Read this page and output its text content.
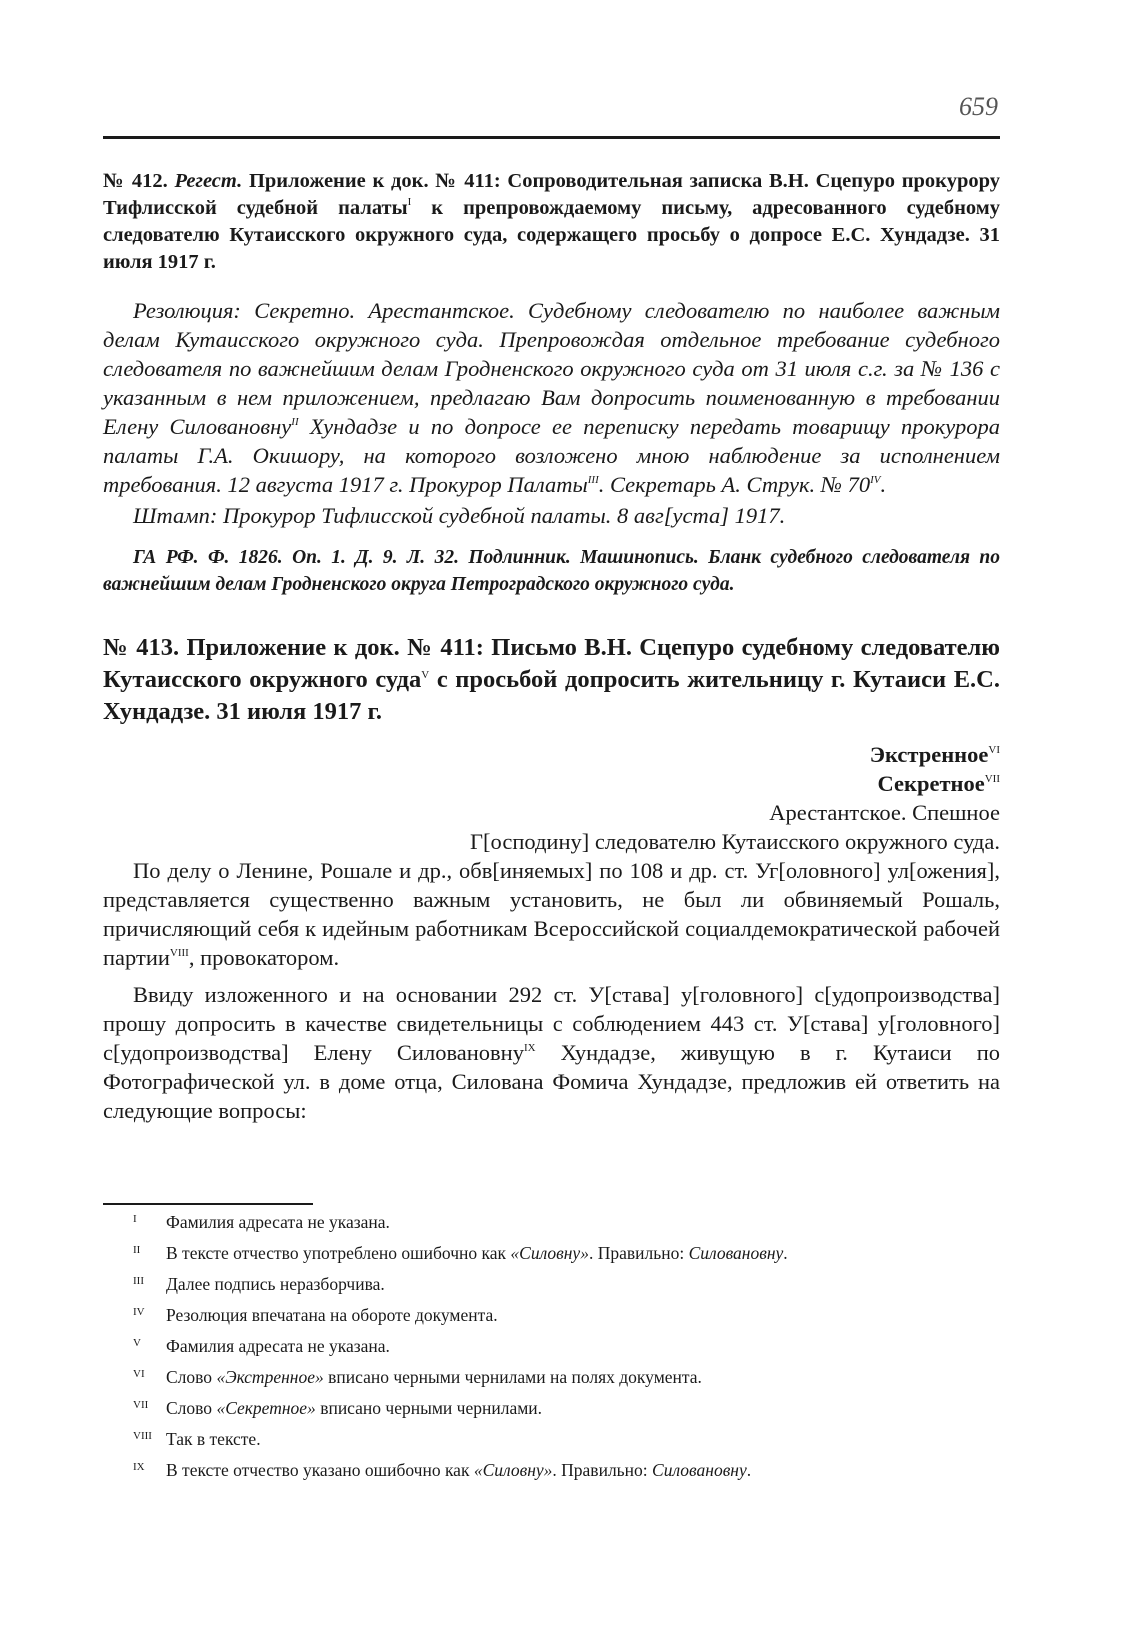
659
№ 412. Регест. Приложение к док. № 411: Сопроводительная записка В.Н. Сцепуро прокурору Тифлисской судебной палаты$^I$ к препровождаемому письму, адресованного судебному следователю Кутаисского окружного суда, содержащего просьбу о допросе Е.С. Хундадзе. 31 июля 1917 г.
Резолюция: Секретно. Арестантское. Судебному следователю по наиболее важным делам Кутаисского окружного суда. Препровождая отдельное требование судебного следователя по важнейшим делам Гродненского окружного суда от 31 июля с.г. за № 136 с указанным в нем приложением, предлагаю Вам допросить поименованную в требовании Елену Силовановну$^{II}$ Хундадзе и по допросе ее переписку передать товарищу прокурора палаты Г.А. Окишору, на которого возложено мною наблюдение за исполнением требования. 12 августа 1917 г. Прокурор Палаты$^{III}$. Секретарь А. Струк. № $70^{IV}$.
Штамп: Прокурор Тифлисской судебной палаты. 8 авг[уста] 1917.
ГА РФ. Ф. 1826. Оп. 1. Д. 9. Л. 32. Подлинник. Машинопись. Бланк судебного следователя по важнейшим делам Гродненского округа Петроградского окружного суда.
№ 413. Приложение к док. № 411: Письмо В.Н. Сцепуро судебному следователю Кутаисского окружного суда$^V$ с просьбой допросить жительницу г. Кутаиси Е.С. Хундадзе. 31 июля 1917 г.
Экстренное$^{VI}$
Секретное$^{VII}$
Арестантское. Спешное
Г[осподину] следователю Кутаисского окружного суда.
По делу о Ленине, Рошале и др., обв[иняемых] по 108 и др. ст. Уг[оловного] ул[ожения], представляется существенно важным установить, не был ли обвиняемый Рошаль, причисляющий себя к идейным работникам Всероссийской социалдемократической рабочей партии$^{VIII}$, провокатором.
Ввиду изложенного и на основании 292 ст. У[става] у[головного] с[удопроизводства] прошу допросить в качестве свидетельницы с соблюдением 443 ст. У[става] у[головного] с[удопроизводства] Елену Силовановну$^{IX}$ Хундадзе, живущую в г. Кутаиси по Фотографической ул. в доме отца, Силована Фомича Хундадзе, предложив ей ответить на следующие вопросы:
I	Фамилия адресата не указана.
II	В тексте отчество употреблено ошибочно как «Силовну». Правильно: Силовановну.
III	Далее подпись неразборчива.
IV	Резолюция впечатана на обороте документа.
V	Фамилия адресата не указана.
VI	Слово «Экстренное» вписано черными чернилами на полях документа.
VII	Слово «Секретное» вписано черными чернилами.
VIII Так в тексте.
IX	В тексте отчество указано ошибочно как «Силовну». Правильно: Силовановну.
